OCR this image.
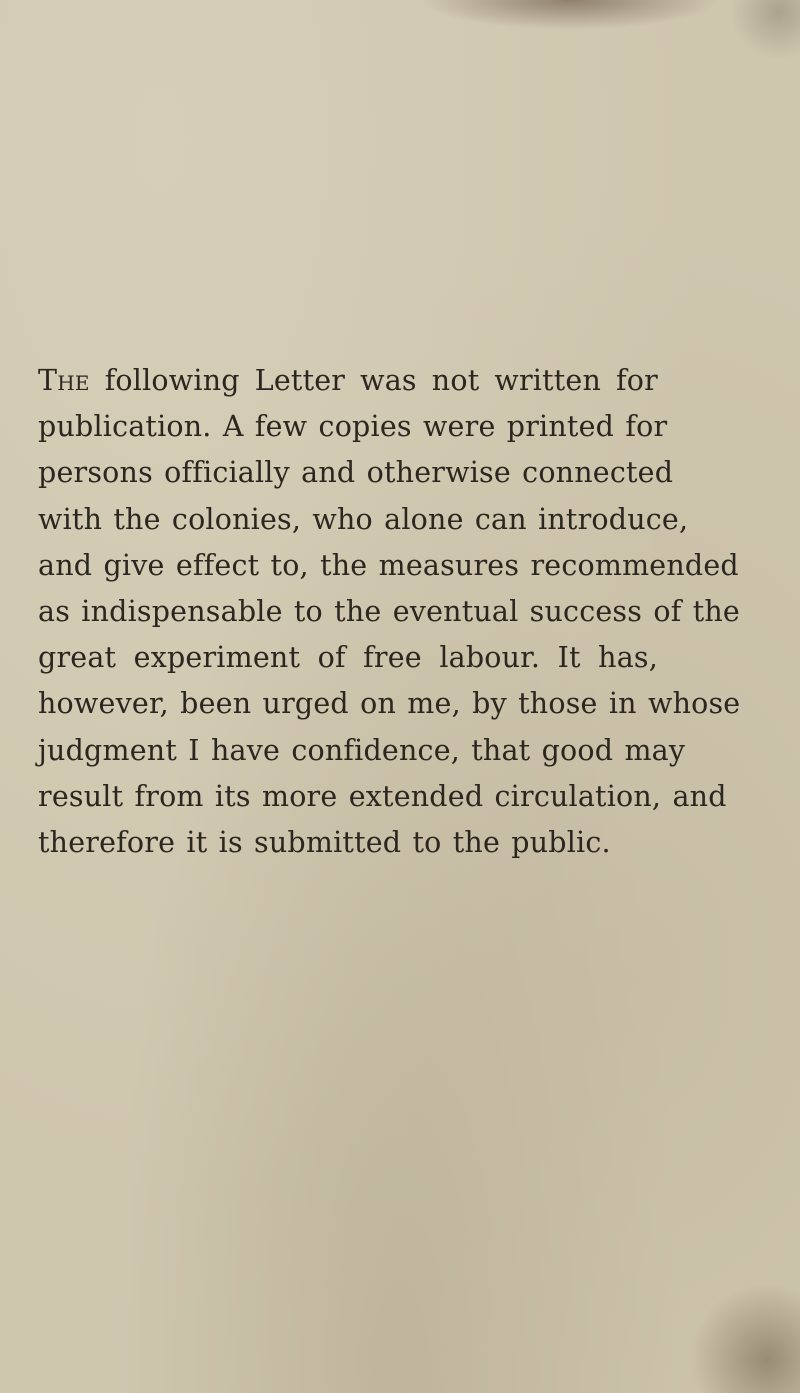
The following Letter was not written for
publication. A few copies were printed for
persons officially and otherwise connected
with the colonies, who alone can introduce,
and give effect to, the measures recommended
as indispensable to the eventual success of the
great experiment of free labour. It has,
however, been urged on me, by those in whose
judgment I have confidence, that good may
result from its more extended circulation, and
therefore it is submitted to the public.
